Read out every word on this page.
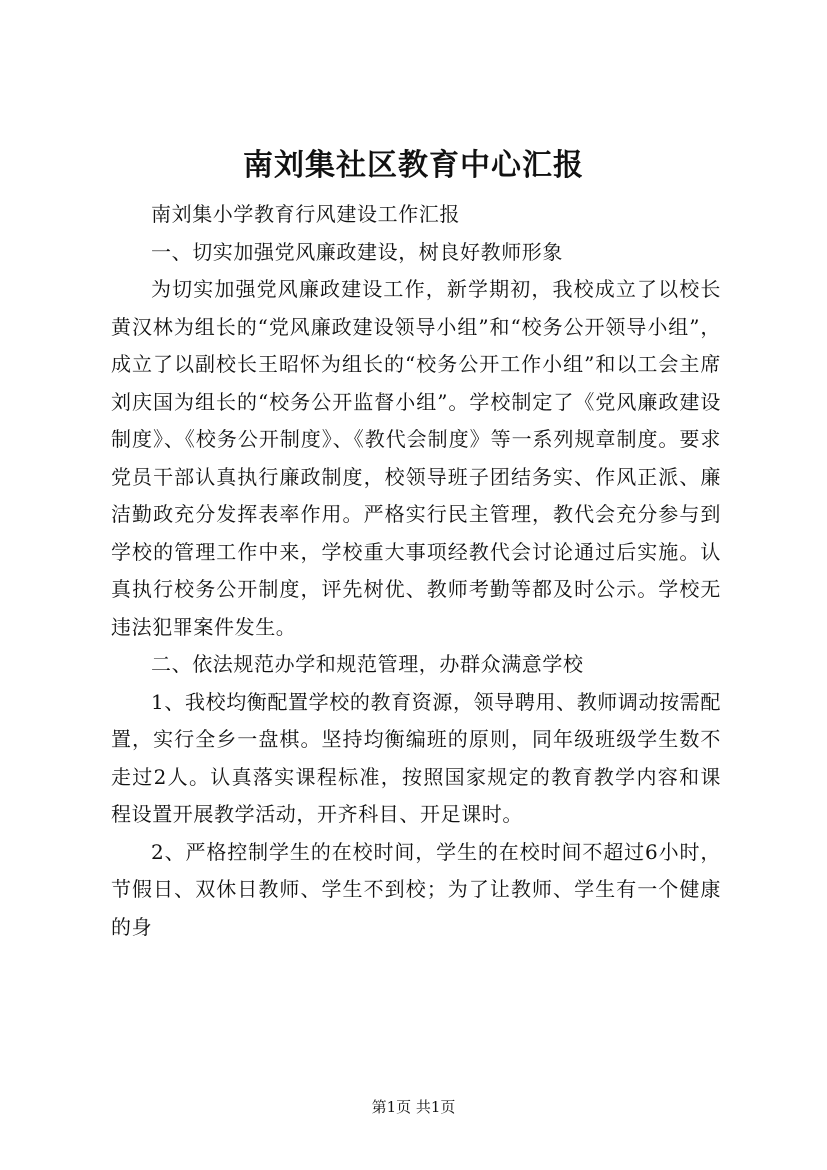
南刘集社区教育中心汇报

南刘集小学教育行风建设工作汇报

一、切实加强党风廉政建设，树良好教师形象

为切实加强党风廉政建设工作，新学期初，我校成立了以校长黄汉林为组长的“党风廉政建设领导小组”和“校务公开领导小组”，成立了以副校长王昭怀为组长的“校务公开工作小组”和以工会主席刘庆国为组长的“校务公开监督小组”。学校制定了《党风廉政建设制度》、《校务公开制度》、《教代会制度》等一系列规章制度。要求党员干部认真执行廉政制度，校领导班子团结务实、作风正派、廉洁勤政充分发挥表率作用。严格实行民主管理，教代会充分参与到学校的管理工作中来，学校重大事项经教代会讨论通过后实施。认真执行校务公开制度，评先树优、教师考勤等都及时公示。学校无违法犯罪案件发生。

二、依法规范办学和规范管理，办群众满意学校

1、我校均衡配置学校的教育资源，领导聘用、教师调动按需配置，实行全乡一盘棋。坚持均衡编班的原则，同年级班级学生数不走过2人。认真落实课程标准，按照国家规定的教育教学内容和课程设置开展教学活动，开齐科目、开足课时。

2、严格控制学生的在校时间，学生的在校时间不超过6小时，节假日、双休日教师、学生不到校；为了让教师、学生有一个健康的身

第1页 共1页
